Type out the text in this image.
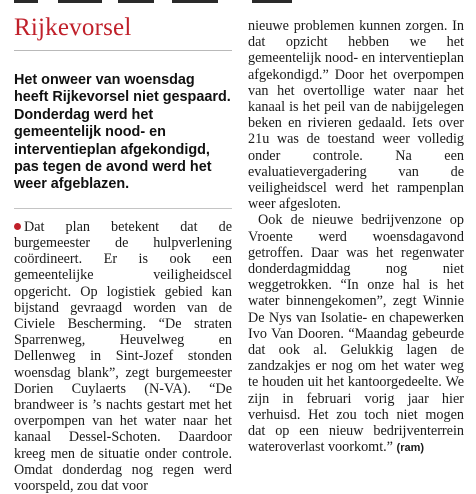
Rijkevorsel

Het onweer van woensdag heeft Rijkevorsel niet gespaard. Donderdag werd het gemeentelijk nood- en interventieplan afgekondigd, pas tegen de avond werd het weer afgeblazen.

Dat plan betekent dat de burgemeester de hulpverlening coördineert. Er is ook een gemeentelijke veiligheidscel opgericht. Op logistiek gebied kan bijstand gevraagd worden van de Civiele Bescherming. “De straten Sparrenweg, Heuvelweg en Dellenweg in Sint-Jozef stonden woensdag blank”, zegt burgemeester Dorien Cuylaerts (N-VA). “De brandweer is ’s nachts gestart met het overpompen van het water naar het kanaal Dessel-Schoten. Daardoor kreeg men de situatie onder controle. Omdat donderdag nog regen werd voorspeld, zou dat voor

nieuwe problemen kunnen zorgen. In dat opzicht hebben we het gemeentelijk nood- en interventieplan afgekondigd.” Door het overpompen van het overtollige water naar het kanaal is het peil van de nabijgelegen beken en rivieren gedaald. Iets over 21u was de toestand weer volledig onder controle. Na een evaluatievergadering van de veiligheidscel werd het rampenplan weer afgesloten.

Ook de nieuwe bedrijvenzone op Vroente werd woensdagavond getroffen. Daar was het regenwater donderdagmiddag nog niet weggetrokken. “In onze hal is het water binnengekomen”, zegt Winnie De Nys van Isolatie- en chapewerken Ivo Van Dooren. “Maandag gebeurde dat ook al. Gelukkig lagen de zandzakjes er nog om het water weg te houden uit het kantoorgedeelte. We zijn in februari vorig jaar hier verhuisd. Het zou toch niet mogen dat op een nieuw bedrijventerrein wateroverlast voorkomt.” (ram)
